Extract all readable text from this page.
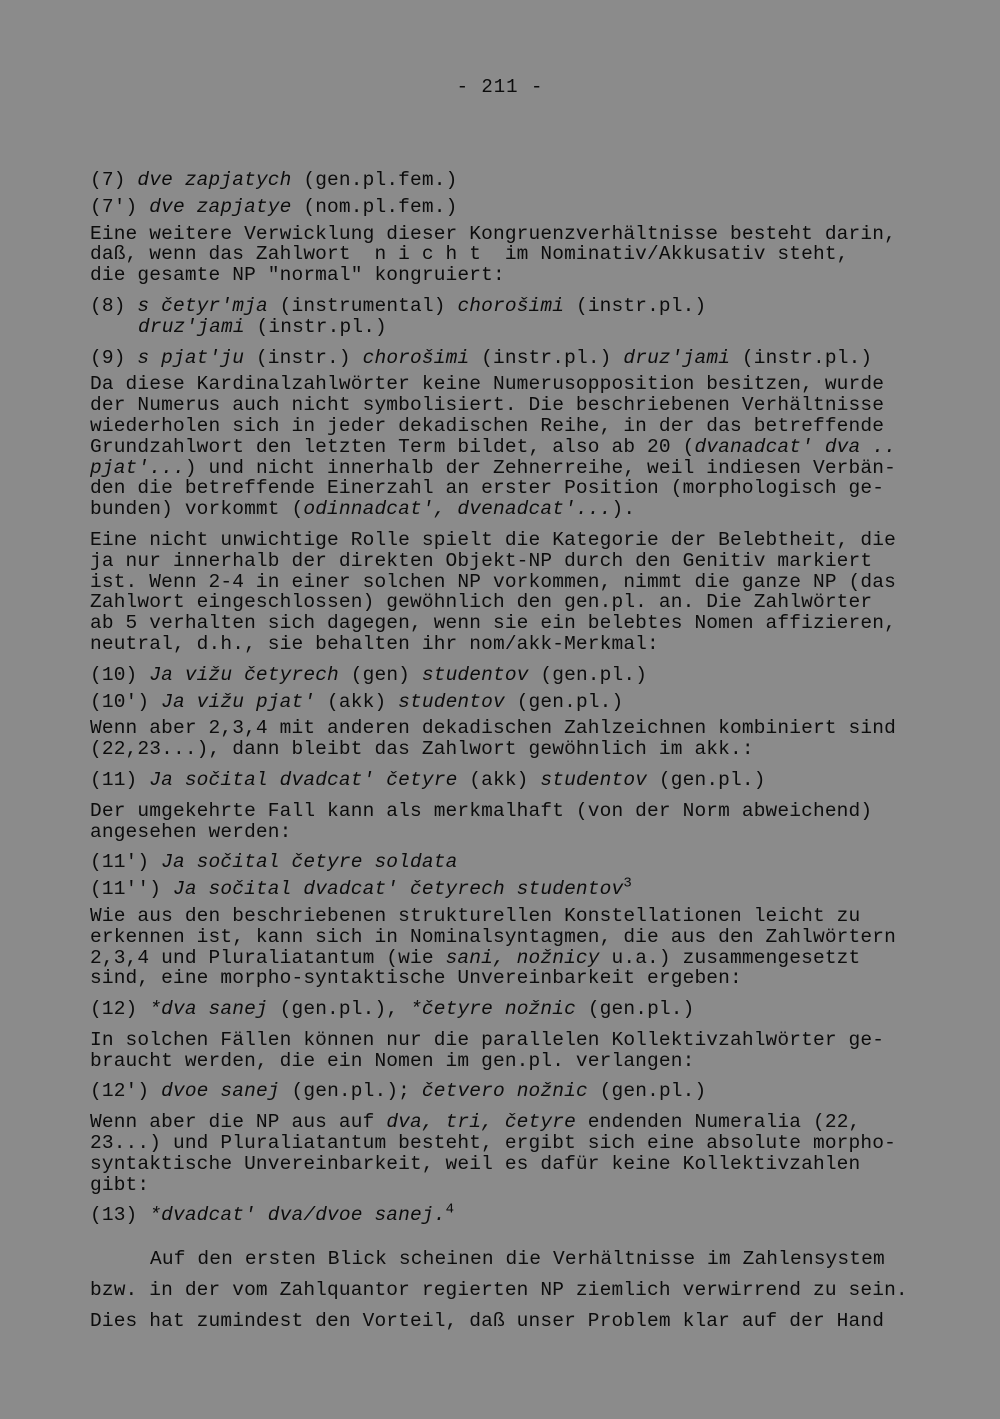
- 211 -
(7) dve zapjatych (gen.pl.fem.)
(7') dve zapjatye (nom.pl.fem.)
Eine weitere Verwicklung dieser Kongruenzverhältnisse besteht darin,
daß, wenn das Zahlwort  n i c h t  im Nominativ/Akkusativ steht,
die gesamte NP "normal" kongruiert:
(8) s četyr'mja (instrumental) chorošimi (instr.pl.)
druz'jami (instr.pl.)
(9) s pjat'ju (instr.) chorošimi (instr.pl.) druz'jami (instr.pl.)
Da diese Kardinalzahlwörter keine Numerusopposition besitzen, wurde
der Numerus auch nicht symbolisiert. Die beschriebenen Verhältnisse
wiederholen sich in jeder dekadischen Reihe, in der das betreffende
Grundzahlwort den letzten Term bildet, also ab 20 (dvanadcat' dva ..
pjat'...) und nicht innerhalb der Zehnerreihe, weil indiesen Verbän-
den die betreffende Einerzahl an erster Position (morphologisch ge-
bunden) vorkommt (odinnadcat', dvenadcat'...).
Eine nicht unwichtige Rolle spielt die Kategorie der Belebtheit, die
ja nur innerhalb der direkten Objekt-NP durch den Genitiv markiert
ist. Wenn 2-4 in einer solchen NP vorkommen, nimmt die ganze NP (das
Zahlwort eingeschlossen) gewöhnlich den gen.pl. an. Die Zahlwörter
ab 5 verhalten sich dagegen, wenn sie ein belebtes Nomen affizieren,
neutral, d.h., sie behalten ihr nom/akk-Merkmal:
(10) Ja vižu četyrech (gen) studentov (gen.pl.)
(10') Ja vižu pjat' (akk) studentov (gen.pl.)
Wenn aber 2,3,4 mit anderen dekadischen Zahlzeichnen kombiniert sind
(22,23...), dann bleibt das Zahlwort gewöhnlich im akk.:
(11) Ja sočital dvadcat' četyre (akk) studentov (gen.pl.)
Der umgekehrte Fall kann als merkmalhaft (von der Norm abweichend)
angesehen werden:
(11') Ja sočital četyre soldata
(11'') Ja sočital dvadcat' četyrech studentov$^3$
Wie aus den beschriebenen strukturellen Konstellationen leicht zu
erkennen ist, kann sich in Nominalsyntagmen, die aus den Zahlwörtern
2,3,4 und Pluraliatantum (wie sani, nožnicy u.a.) zusammengesetzt
sind, eine morpho-syntaktische Unvereinbarkeit ergeben:
(12) *dva sanej (gen.pl.), *četyre nožnic (gen.pl.)
In solchen Fällen können nur die parallelen Kollektivzahlwörter ge-
braucht werden, die ein Nomen im gen.pl. verlangen:
(12') dvoe sanej (gen.pl.); četvero nožnic (gen.pl.)
Wenn aber die NP aus auf dva, tri, četyre endenden Numeralia (22,
23...) und Pluraliatantum besteht, ergibt sich eine absolute morpho-
syntaktische Unvereinbarkeit, weil es dafür keine Kollektivzahlen
gibt:
(13) *dvadcat' dva/dvoe sanej.$^4$
Auf den ersten Blick scheinen die Verhältnisse im Zahlensystem
bzw. in der vom Zahlquantor regierten NP ziemlich verwirrend zu sein.
Dies hat zumindest den Vorteil, daß unser Problem klar auf der Hand
